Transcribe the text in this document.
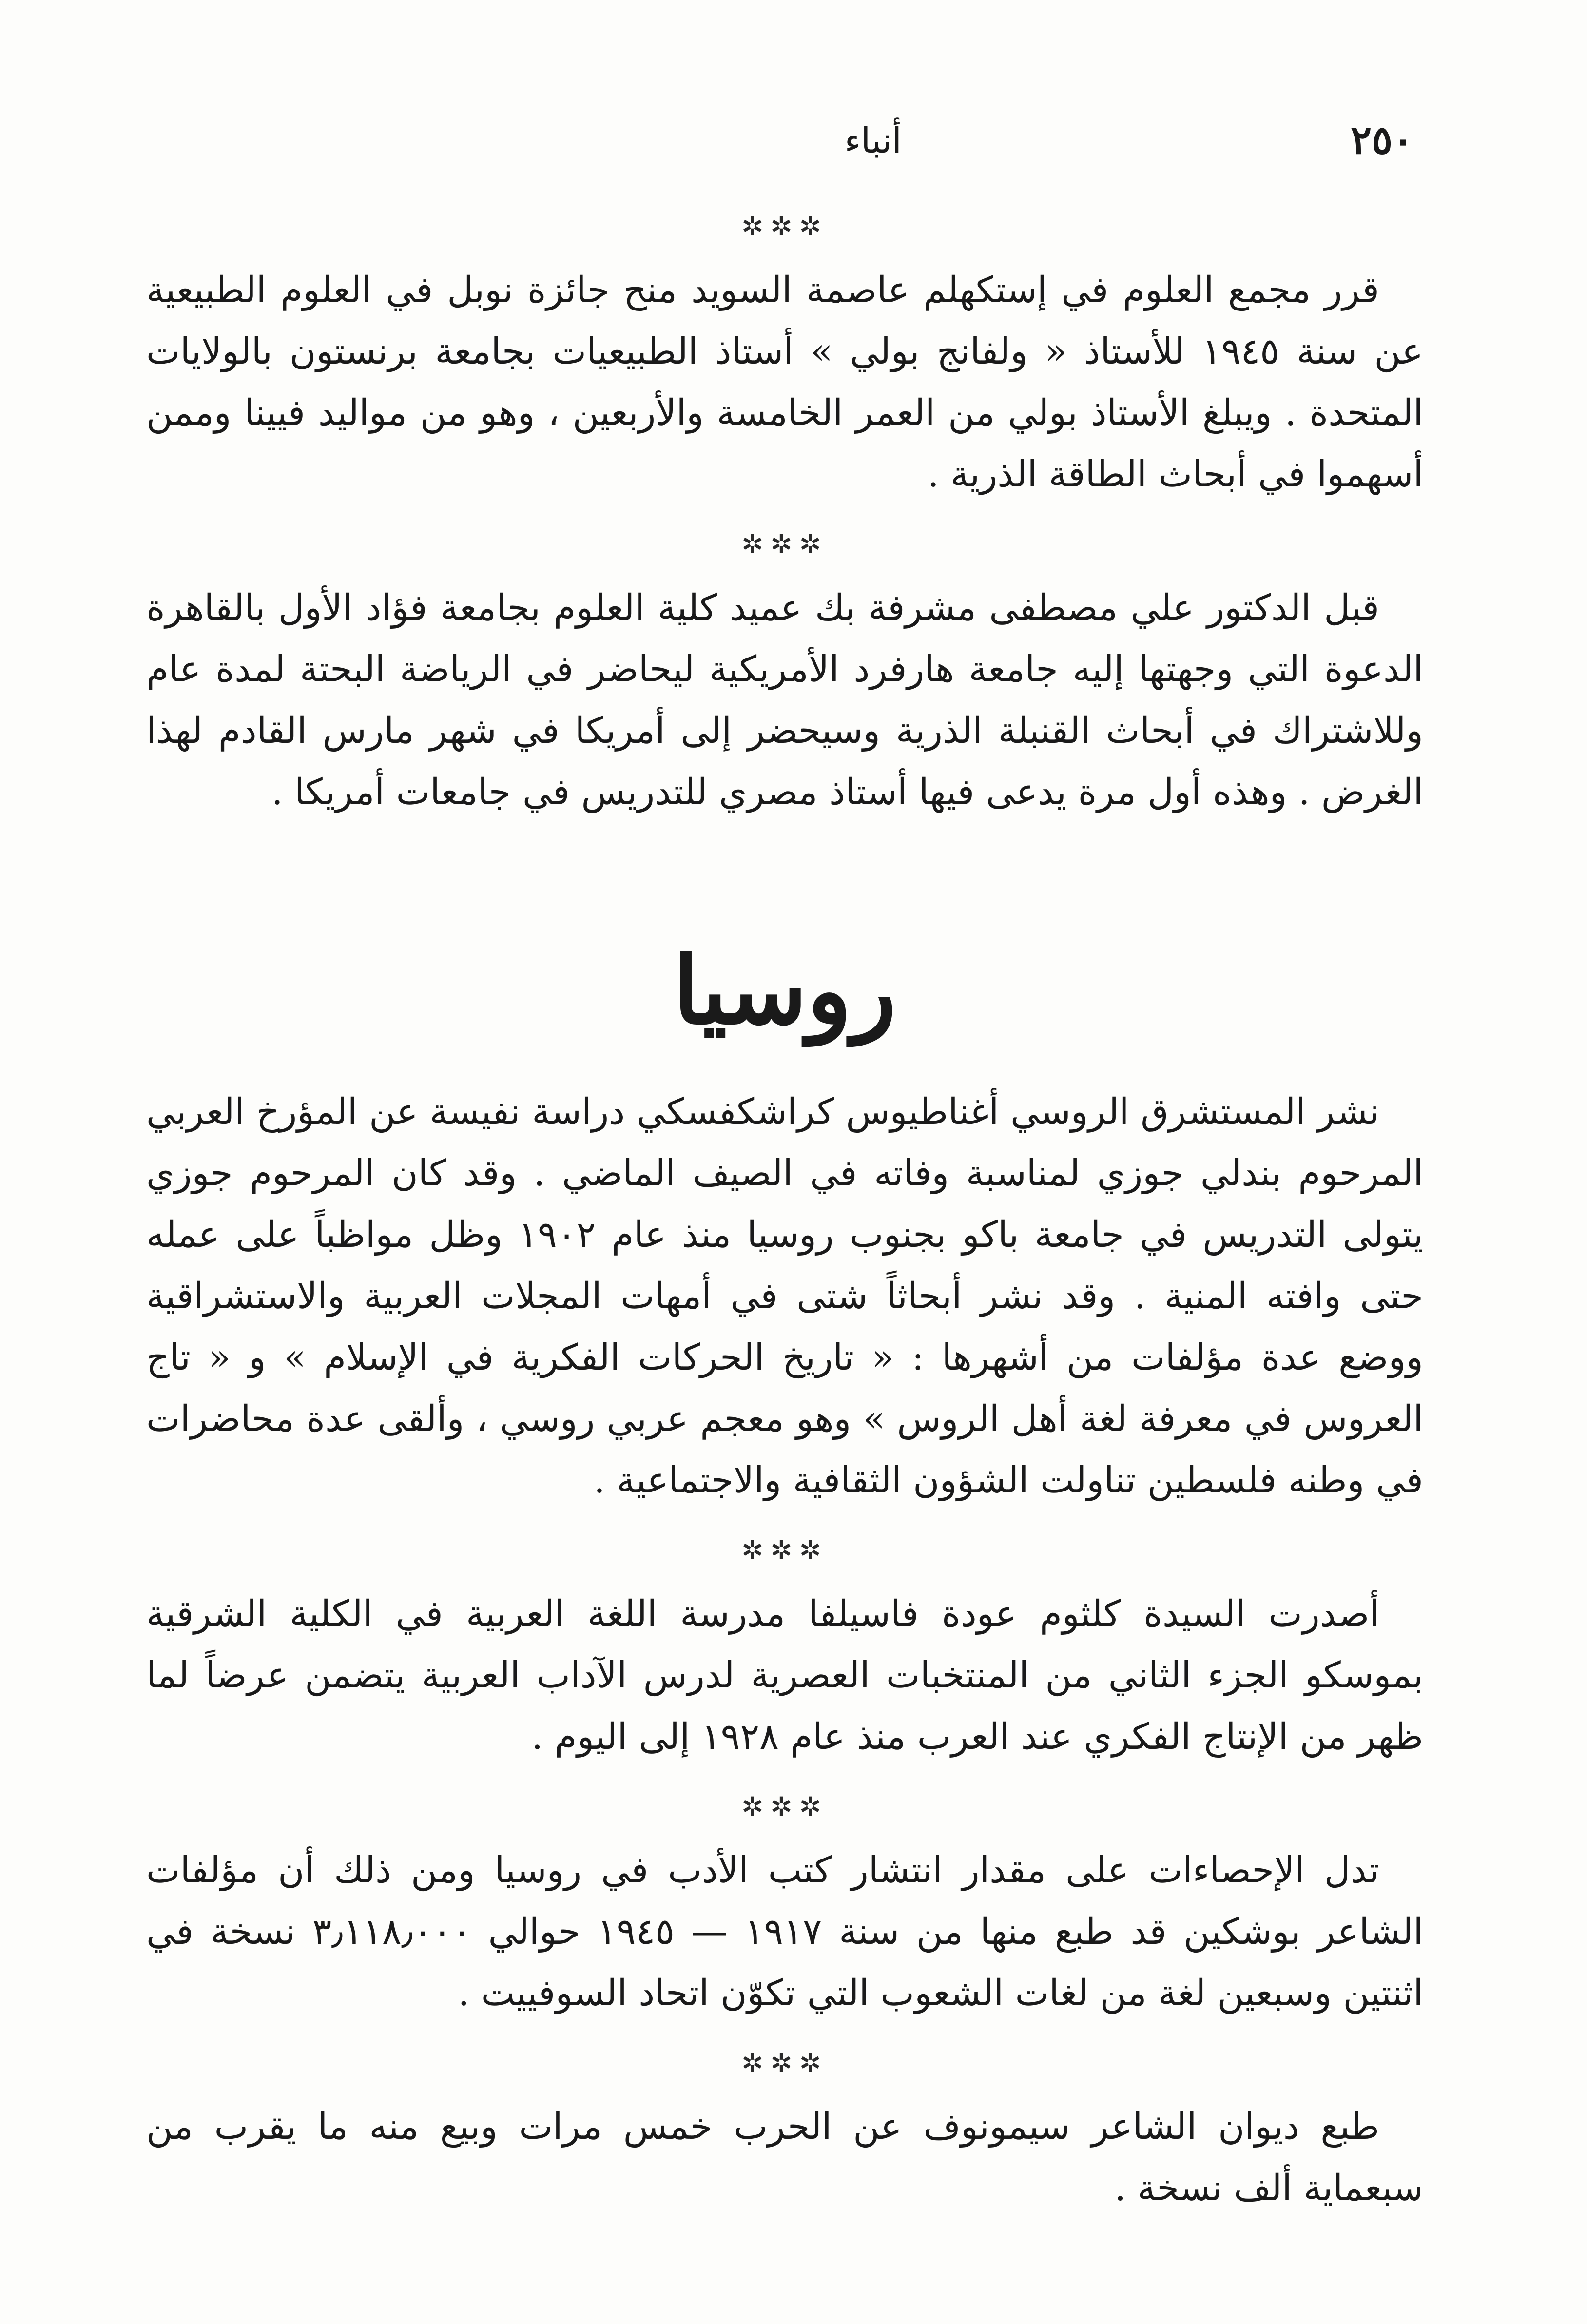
٢٥٠
أنباء
✲✲✲

قرر مجمع العلوم في إستكهلم عاصمة السويد منح جائزة نوبل في العلوم الطبيعية عن سنة ١٩٤٥ للأستاذ « ولفانج بولي » أستاذ الطبيعيات بجامعة برنستون بالولايات المتحدة . ويبلغ الأستاذ بولي من العمر الخامسة والأربعين ، وهو من مواليد فيينا وممن أسهموا في أبحاث الطاقة الذرية .

✲✲✲

قبل الدكتور علي مصطفى مشرفة بك عميد كلية العلوم بجامعة فؤاد الأول بالقاهرة الدعوة التي وجهتها إليه جامعة هارفرد الأمريكية ليحاضر في الرياضة البحتة لمدة عام وللاشتراك في أبحاث القنبلة الذرية وسيحضر إلى أمريكا في شهر مارس القادم لهذا الغرض . وهذه أول مرة يدعى فيها أستاذ مصري للتدريس في جامعات أمريكا .

روسيا

نشر المستشرق الروسي أغناطيوس كراشكفسكي دراسة نفيسة عن المؤرخ العربي المرحوم بندلي جوزي لمناسبة وفاته في الصيف الماضي . وقد كان المرحوم جوزي يتولى التدريس في جامعة باكو بجنوب روسيا منذ عام ١٩٠٢ وظل مواظباً على عمله حتى وافته المنية . وقد نشر أبحاثاً شتى في أمهات المجلات العربية والاستشراقية ووضع عدة مؤلفات من أشهرها : « تاريخ الحركات الفكرية في الإسلام » و « تاج العروس في معرفة لغة أهل الروس » وهو معجم عربي روسي ، وألقى عدة محاضرات في وطنه فلسطين تناولت الشؤون الثقافية والاجتماعية .

✲✲✲

أصدرت السيدة كلثوم عودة فاسيلفا مدرسة اللغة العربية في الكلية الشرقية بموسكو الجزء الثاني من المنتخبات العصرية لدرس الآداب العربية يتضمن عرضاً لما ظهر من الإنتاج الفكري عند العرب منذ عام ١٩٢٨ إلى اليوم .

✲✲✲

تدل الإحصاءات على مقدار انتشار كتب الأدب في روسيا ومن ذلك أن مؤلفات الشاعر بوشكين قد طبع منها من سنة ١٩١٧ — ١٩٤٥ حوالي ٣٫١١٨٫٠٠٠ نسخة في اثنتين وسبعين لغة من لغات الشعوب التي تكوّن اتحاد السوفييت .

✲✲✲

طبع ديوان الشاعر سيمونوف عن الحرب خمس مرات وبيع منه ما يقرب من سبعماية ألف نسخة .
